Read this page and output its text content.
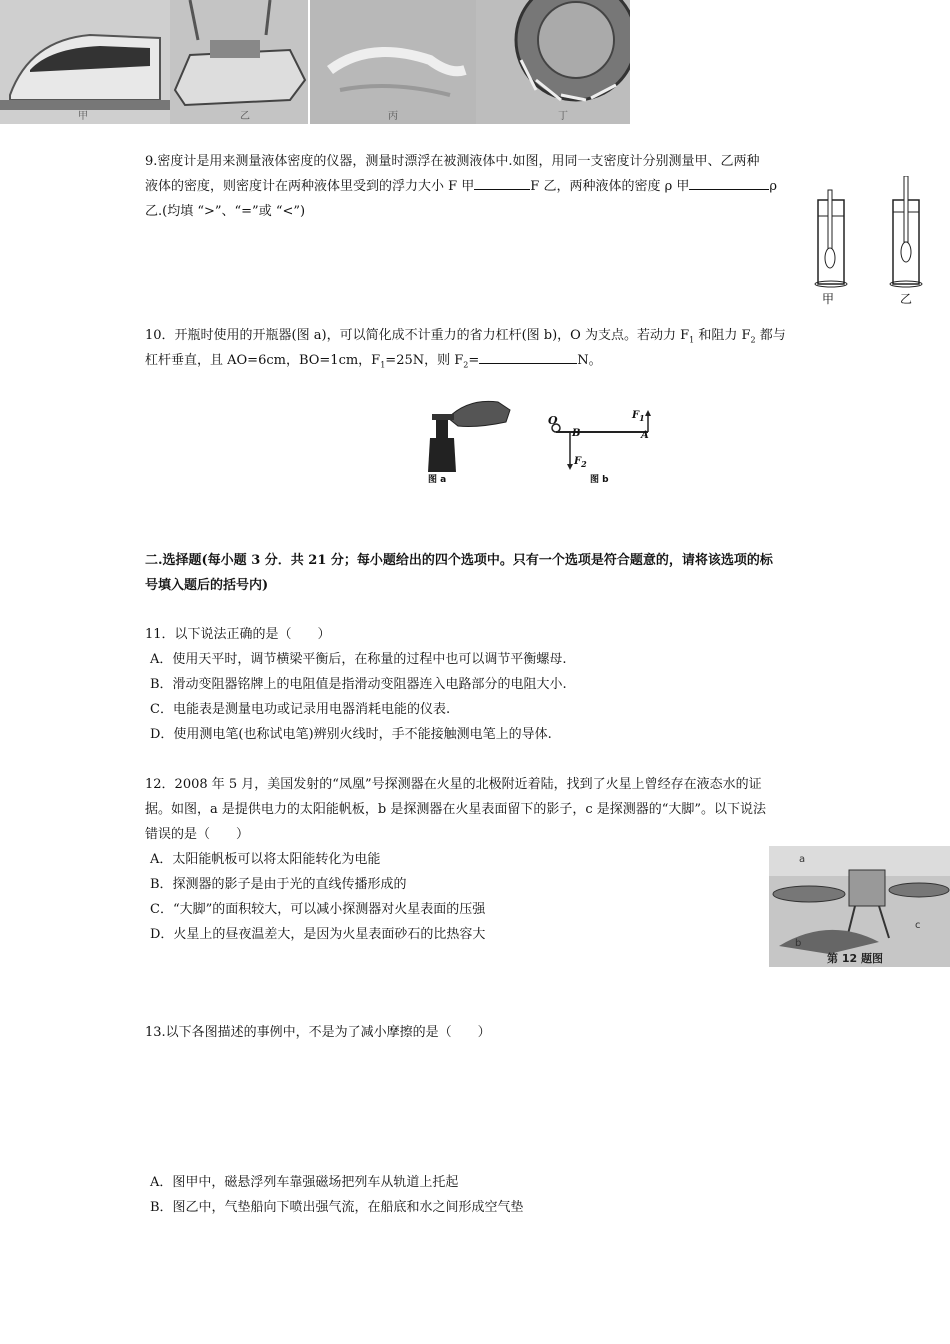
甲	乙	丙	丁
9.密度计是用来测量液体密度的仪器，测量时漂浮在被测液体中.如图，用同一支密度计分别测量甲、乙两种
液体的密度，则密度计在两种液体里受到的浮力大小 F 甲	F 乙，两种液体的密度 ρ 甲	ρ
乙.(均填 “>”、“=”或 “<”)
甲	乙
10．开瓶时使用的开瓶器(图 a)，可以简化成不计重力的省力杠杆(图 b)，O 为支点。若动力 $F_1$ 和阻力 $F_2$ 都与
杠杆垂直，且 AO=6cm，BO=1cm，$F_1=25N$，则 $F_2=$	N。
图 a
O
B	A
$F_1$
$F_2$
图 b
二.选择题(每小题 3 分．共 21 分；每小题给出的四个选项中。只有一个选项是符合题意的，请将该选项的标
号填入题后的括号内)
11．以下说法正确的是（　　）
A．使用天平时，调节横梁平衡后，在称量的过程中也可以调节平衡螺母.
B．滑动变阻器铭牌上的电阻值是指滑动变阻器连入电路部分的电阻大小.
C．电能表是测量电功或记录用电器消耗电能的仪表.
D．使用测电笔(也称试电笔)辨别火线时，手不能接触测电笔上的导体.
12．2008 年 5 月，美国发射的“凤凰”号探测器在火星的北极附近着陆，找到了火星上曾经存在液态水的证
据。如图，a 是提供电力的太阳能帆板，b 是探测器在火星表面留下的影子，c 是探测器的“大脚”。以下说法
错误的是（　　）
A．太阳能帆板可以将太阳能转化为电能
B．探测器的影子是由于光的直线传播形成的
C．“大脚”的面积较大，可以减小探测器对火星表面的压强
D．火星上的昼夜温差大，是因为火星表面砂石的比热容大
a
b
c
第 12 题图
13.以下各图描述的事例中，不是为了减小摩擦的是（　　）
A．图甲中，磁悬浮列车靠强磁场把列车从轨道上托起
B．图乙中，气垫船向下喷出强气流，在船底和水之间形成空气垫
